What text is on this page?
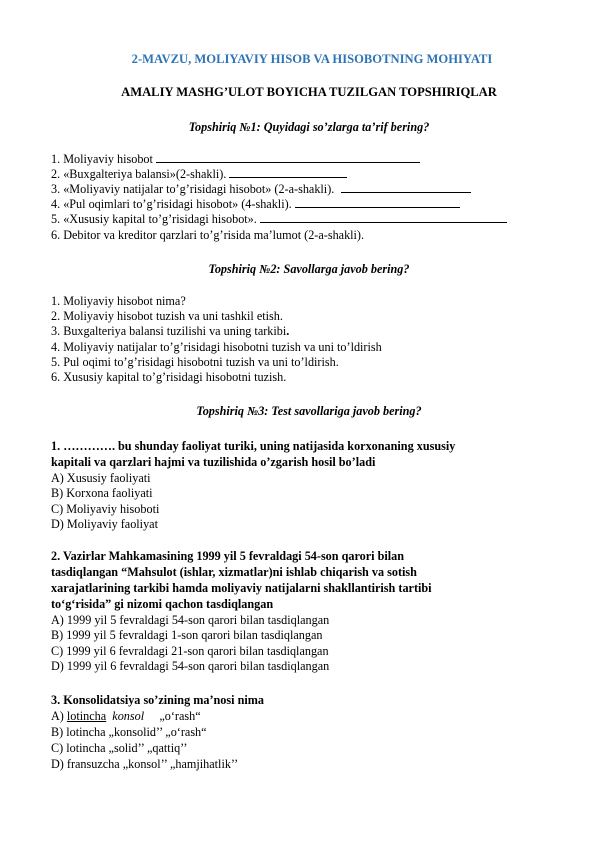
2-MAVZU, MOLIYAVIY HISOB VA HISOBOTNING MOHIYATI
AMALIY MASHG’ULOT BOYICHA TUZILGAN TOPSHIRIQLAR
Topshiriq №1: Quyidagi so’zlarga ta’rif bering?
1. Moliyaviy hisobot
2. «Buxgalteriya balansi»(2-shakli).
3. «Moliyaviy natijalar to’g’risidagi hisobot» (2-a-shakli).
4. «Pul oqimlari to’g’risidagi hisobot» (4-shakli).
5. «Xususiy kapital to’g’risidagi hisobot».
6. Debitor va kreditor qarzlari to’g’risida ma’lumot (2-a-shakli).
Topshiriq №2: Savollarga javob bering?
1. Moliyaviy hisobot nima?
2. Moliyaviy hisobot tuzish va uni tashkil etish.
3. Buxgalteriya balansi tuzilishi va uning tarkibi.
4. Moliyaviy natijalar to’g’risidagi hisobotni tuzish va uni to’ldirish
5. Pul oqimi to’g’risidagi hisobotni tuzish va uni to’ldirish.
6. Xususiy kapital to’g’risidagi hisobotni tuzish.
Topshiriq №3: Test savollariga javob bering?
1. …………. bu shunday faoliyat turiki, uning natijasida korxonaning xususiy
kapitali va qarzlari hajmi va tuzilishida o’zgarish hosil bo’ladi
A) Xususiy faoliyati
B) Korxona faoliyati
C) Moliyaviy hisoboti
D) Moliyaviy faoliyat
2. Vazirlar Mahkamasining 1999 yil 5 fevraldagi 54-son qarori bilan
tasdiqlangan “Mahsulot (ishlar, xizmatlar)ni ishlab chiqarish va sotish
xarajatlarining tarkibi hamda moliyaviy natijalarni shakllantirish tartibi
to‘g‘risida” gi nizomi qachon tasdiqlangan
A) 1999 yil 5 fevraldagi 54-son qarori bilan tasdiqlangan
B) 1999 yil 5 fevraldagi 1-son qarori bilan tasdiqlangan
C) 1999 yil 6 fevraldagi 21-son qarori bilan tasdiqlangan
D) 1999 yil 6 fevraldagi 54-son qarori bilan tasdiqlangan
3. Konsolidatsiya so’zining ma’nosi nima
A) lotincha konsol „o‘rash“
B) lotincha „konsolid’’ „o‘rash“
C) lotincha „solid’’ „qattiq’’
D) fransuzcha „konsol’’ „hamjihatlik’’
